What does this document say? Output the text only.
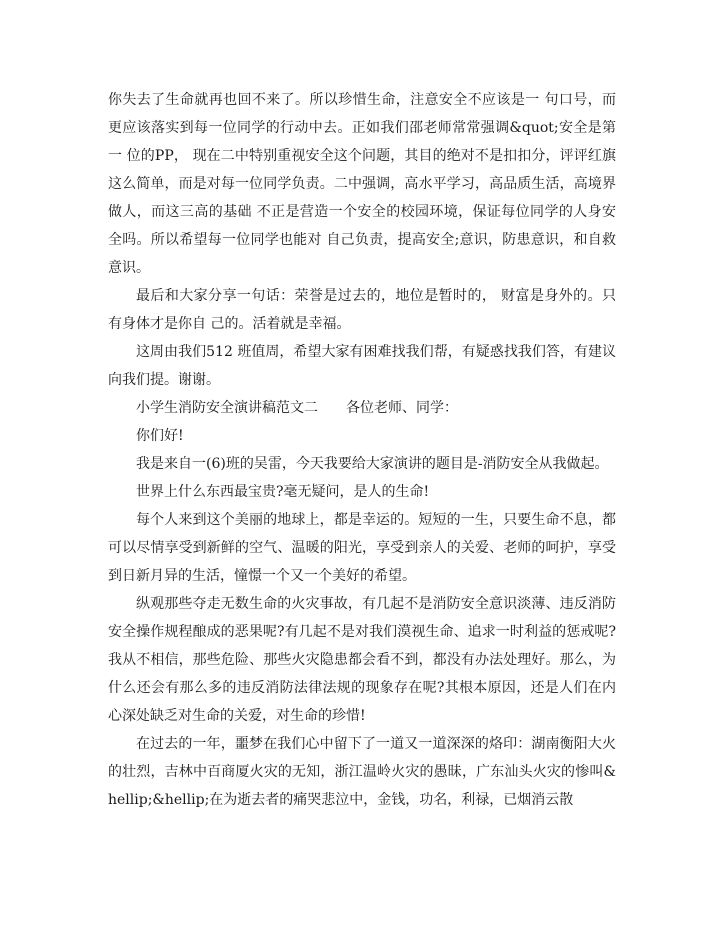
你失去了生命就再也回不来了。所以珍惜生命，注意安全不应该是一 句口号，而更应该落实到每一位同学的行动中去。正如我们邵老师常常强调&quot;安全是第一 位的PP， 现在二中特别重视安全这个问题，其目的绝对不是扣扣分，评评红旗这么简单，而是对每一位同学负责。二中强调，高水平学习，高品质生活，高境界做人，而这三高的基础 不正是营造一个安全的校园环境，保证每位同学的人身安全吗。所以希望每一位同学也能对 自己负责，提高安全;意识，防患意识，和自救意识。

最后和大家分享一句话：荣誉是过去的，地位是暂时的， 财富是身外的。只有身体才是你自 己的。活着就是幸福。

这周由我们512 班值周，希望大家有困难找我们帮，有疑惑找我们答，有建议向我们提。谢谢。

小学生消防安全演讲稿范文二　　各位老师、同学：

你们好!

我是来自一(6)班的吴雷，今天我要给大家演讲的题目是-消防安全从我做起。

世界上什么东西最宝贵?毫无疑问，是人的生命!

每个人来到这个美丽的地球上，都是幸运的。短短的一生，只要生命不息，都可以尽情享受到新鲜的空气、温暖的阳光，享受到亲人的关爱、老师的呵护，享受到日新月异的生活，憧憬一个又一个美好的希望。

纵观那些夺走无数生命的火灾事故，有几起不是消防安全意识淡薄、违反消防安全操作规程酿成的恶果呢?有几起不是对我们漠视生命、追求一时利益的惩戒呢?我从不相信，那些危险、那些火灾隐患都会看不到，都没有办法处理好。那么，为什么还会有那么多的违反消防法律法规的现象存在呢?其根本原因，还是人们在内心深处缺乏对生命的关爱，对生命的珍惜!

在过去的一年，噩梦在我们心中留下了一道又一道深深的烙印：湖南衡阳大火的壮烈，吉林中百商厦火灾的无知，浙江温岭火灾的愚昧，广东汕头火灾的惨叫&hellip;&hellip;在为逝去者的痛哭悲泣中，金钱，功名，利禄，已烟消云散
